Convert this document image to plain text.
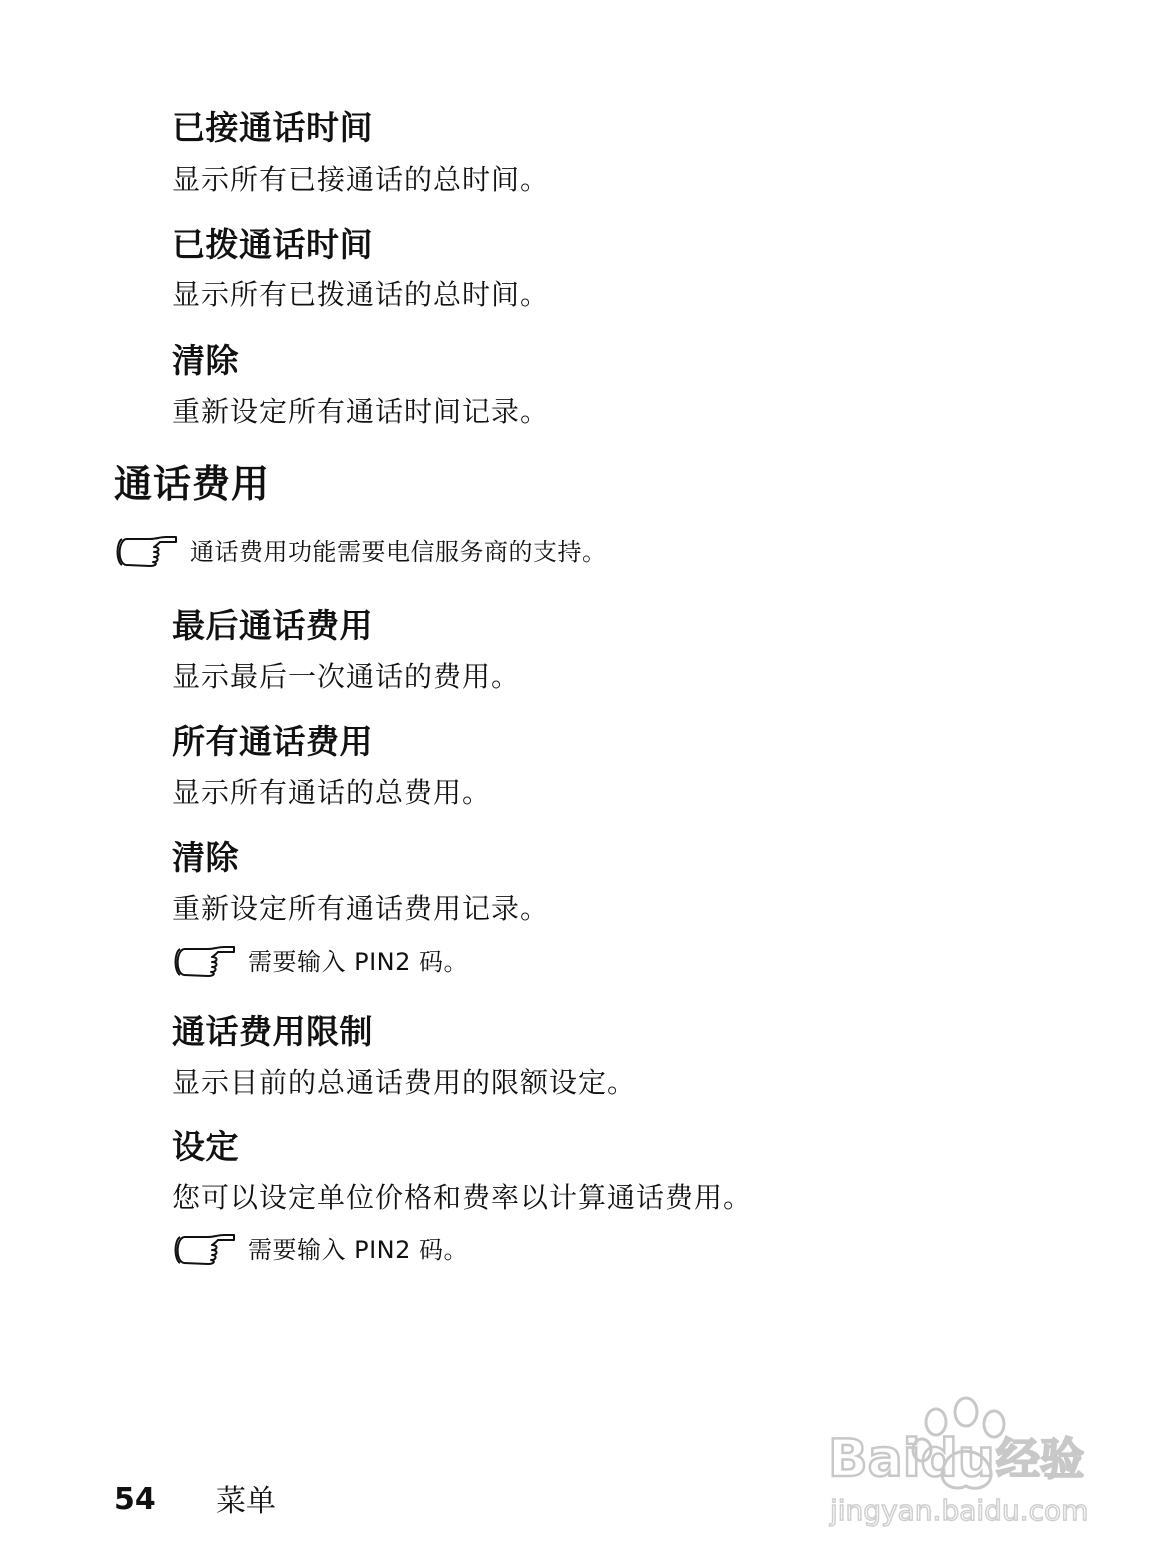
已接通话时间
显示所有已接通话的总时间。
已拨通话时间
显示所有已拨通话的总时间。
清除
重新设定所有通话时间记录。
通话费用
通话费用功能需要电信服务商的支持。
最后通话费用
显示最后一次通话的费用。
所有通话费用
显示所有通话的总费用。
清除
重新设定所有通话费用记录。
需要输入 PIN2 码。
通话费用限制
显示目前的总通话费用的限额设定。
设定
您可以设定单位价格和费率以计算通话费用。
需要输入 PIN2 码。
54 菜单
Baidu 经验
jingyan.baidu.com
